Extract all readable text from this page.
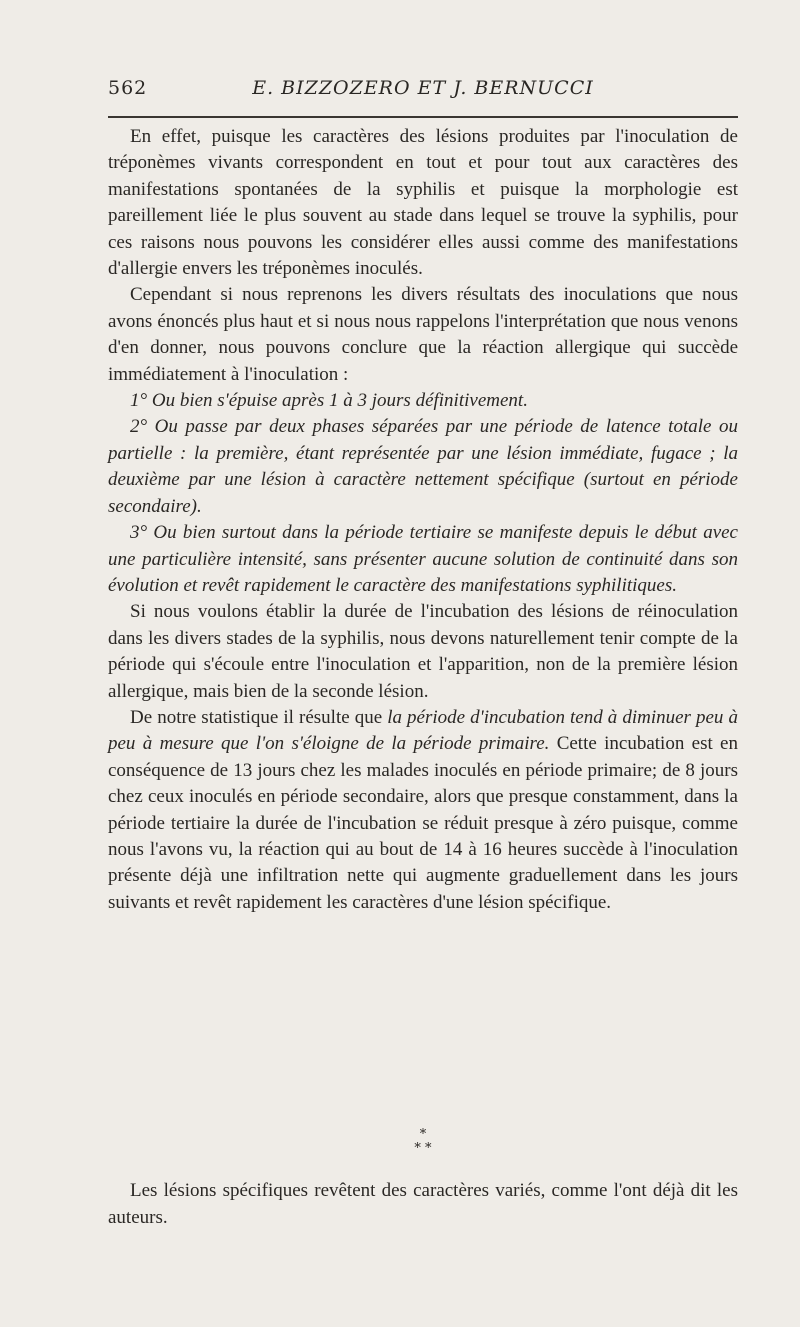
562	E. BIZZOZERO ET J. BERNUCCI

En effet, puisque les caractères des lésions produites par l'inoculation de tréponèmes vivants correspondent en tout et pour tout aux caractères des manifestations spontanées de la syphilis et puisque la morphologie est pareillement liée le plus souvent au stade dans lequel se trouve la syphilis, pour ces raisons nous pouvons les considérer elles aussi comme des manifestations d'allergie envers les tréponèmes inoculés.

Cependant si nous reprenons les divers résultats des inoculations que nous avons énoncés plus haut et si nous nous rappelons l'interprétation que nous venons d'en donner, nous pouvons conclure que la réaction allergique qui succède immédiatement à l'inoculation :

1° Ou bien s'épuise après 1 à 3 jours définitivement.

2° Ou passe par deux phases séparées par une période de latence totale ou partielle : la première, étant représentée par une lésion immédiate, fugace ; la deuxième par une lésion à caractère nettement spécifique (surtout en période secondaire).

3° Ou bien surtout dans la période tertiaire se manifeste depuis le début avec une particulière intensité, sans présenter aucune solution de continuité dans son évolution et revêt rapidement le caractère des manifestations syphilitiques.

Si nous voulons établir la durée de l'incubation des lésions de réinoculation dans les divers stades de la syphilis, nous devons naturellement tenir compte de la période qui s'écoule entre l'inoculation et l'apparition, non de la première lésion allergique, mais bien de la seconde lésion.

De notre statistique il résulte que la période d'incubation tend à diminuer peu à peu à mesure que l'on s'éloigne de la période primaire. Cette incubation est en conséquence de 13 jours chez les malades inoculés en période primaire; de 8 jours chez ceux inoculés en période secondaire, alors que presque constamment, dans la période tertiaire la durée de l'incubation se réduit presque à zéro puisque, comme nous l'avons vu, la réaction qui au bout de 14 à 16 heures succède à l'inoculation présente déjà une infiltration nette qui augmente graduellement dans les jours suivants et revêt rapidement les caractères d'une lésion spécifique.

*
* *

Les lésions spécifiques revêtent des caractères variés, comme l'ont déjà dit les auteurs.
